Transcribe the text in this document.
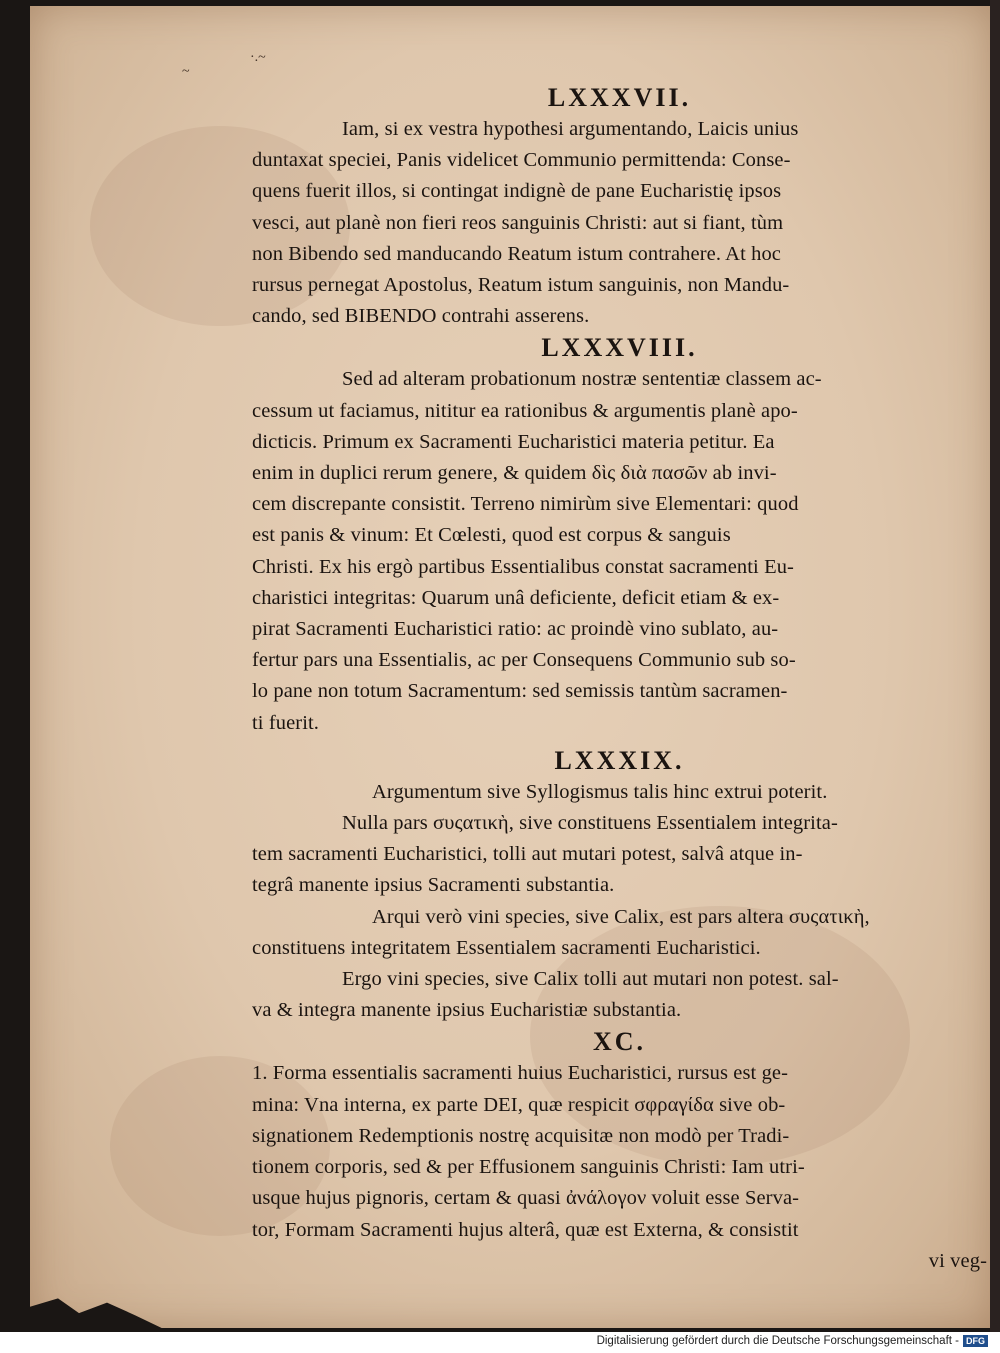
~
·.~
LXXXVII.
Iam, si ex vestra hypothesi argumentando, Laicis unius
duntaxat speciei, Panis videlicet Communio permittenda: Conse-
quens fuerit illos, si contingat indignè de pane Eucharistię ipsos
vesci, aut planè non fieri reos sanguinis Christi: aut si fiant, tùm
non Bibendo sed manducando Reatum istum contrahere. At hoc
rursus pernegat Apostolus, Reatum istum sanguinis, non Mandu-
cando, sed BIBENDO contrahi asserens.
LXXXVIII.
Sed ad alteram probationum nostræ sententiæ classem ac-
cessum ut faciamus, nititur ea rationibus & argumentis planè apo-
dicticis. Primum ex Sacramenti Eucharistici materia petitur. Ea
enim in duplici rerum genere, & quidem δὶς διὰ πασῶν ab invi-
cem discrepante consistit. Terreno nimirùm sive Elementari: quod
est panis & vinum: Et Cœlesti, quod est corpus & sanguis
Christi. Ex his ergò partibus Essentialibus constat sacramenti Eu-
charistici integritas: Quarum unâ deficiente, deficit etiam & ex-
pirat Sacramenti Eucharistici ratio: ac proindè vino sublato, au-
fertur pars una Essentialis, ac per Consequens Communio sub so-
lo pane non totum Sacramentum: sed semissis tantùm sacramen-
ti fuerit.
LXXXIX.
Argumentum sive Syllogismus talis hinc extrui poterit.
Nulla pars συςατικὴ, sive constituens Essentialem integrita-
tem sacramenti Eucharistici, tolli aut mutari potest, salvâ atque in-
tegrâ manente ipsius Sacramenti substantia.
Arqui verò vini species, sive Calix, est pars altera συςατικὴ,
constituens integritatem Essentialem sacramenti Eucharistici.
Ergo vini species, sive Calix tolli aut mutari non potest. sal-
va & integra manente ipsius Eucharistiæ substantia.
XC.
1. Forma essentialis sacramenti huius Eucharistici, rursus est ge-
mina: Vna interna, ex parte DEI, quæ respicit σφραγίδα sive ob-
signationem Redemptionis nostrę acquisitæ non modò per Tradi-
tionem corporis, sed & per Effusionem sanguinis Christi: Iam utri-
usque hujus pignoris, certam & quasi ἀνάλογον voluit esse Serva-
tor, Formam Sacramenti hujus alterâ, quæ est Externa, & consistit
vi veg-
Digitalisierung gefördert durch die Deutsche Forschungsgemeinschaft - DFG
